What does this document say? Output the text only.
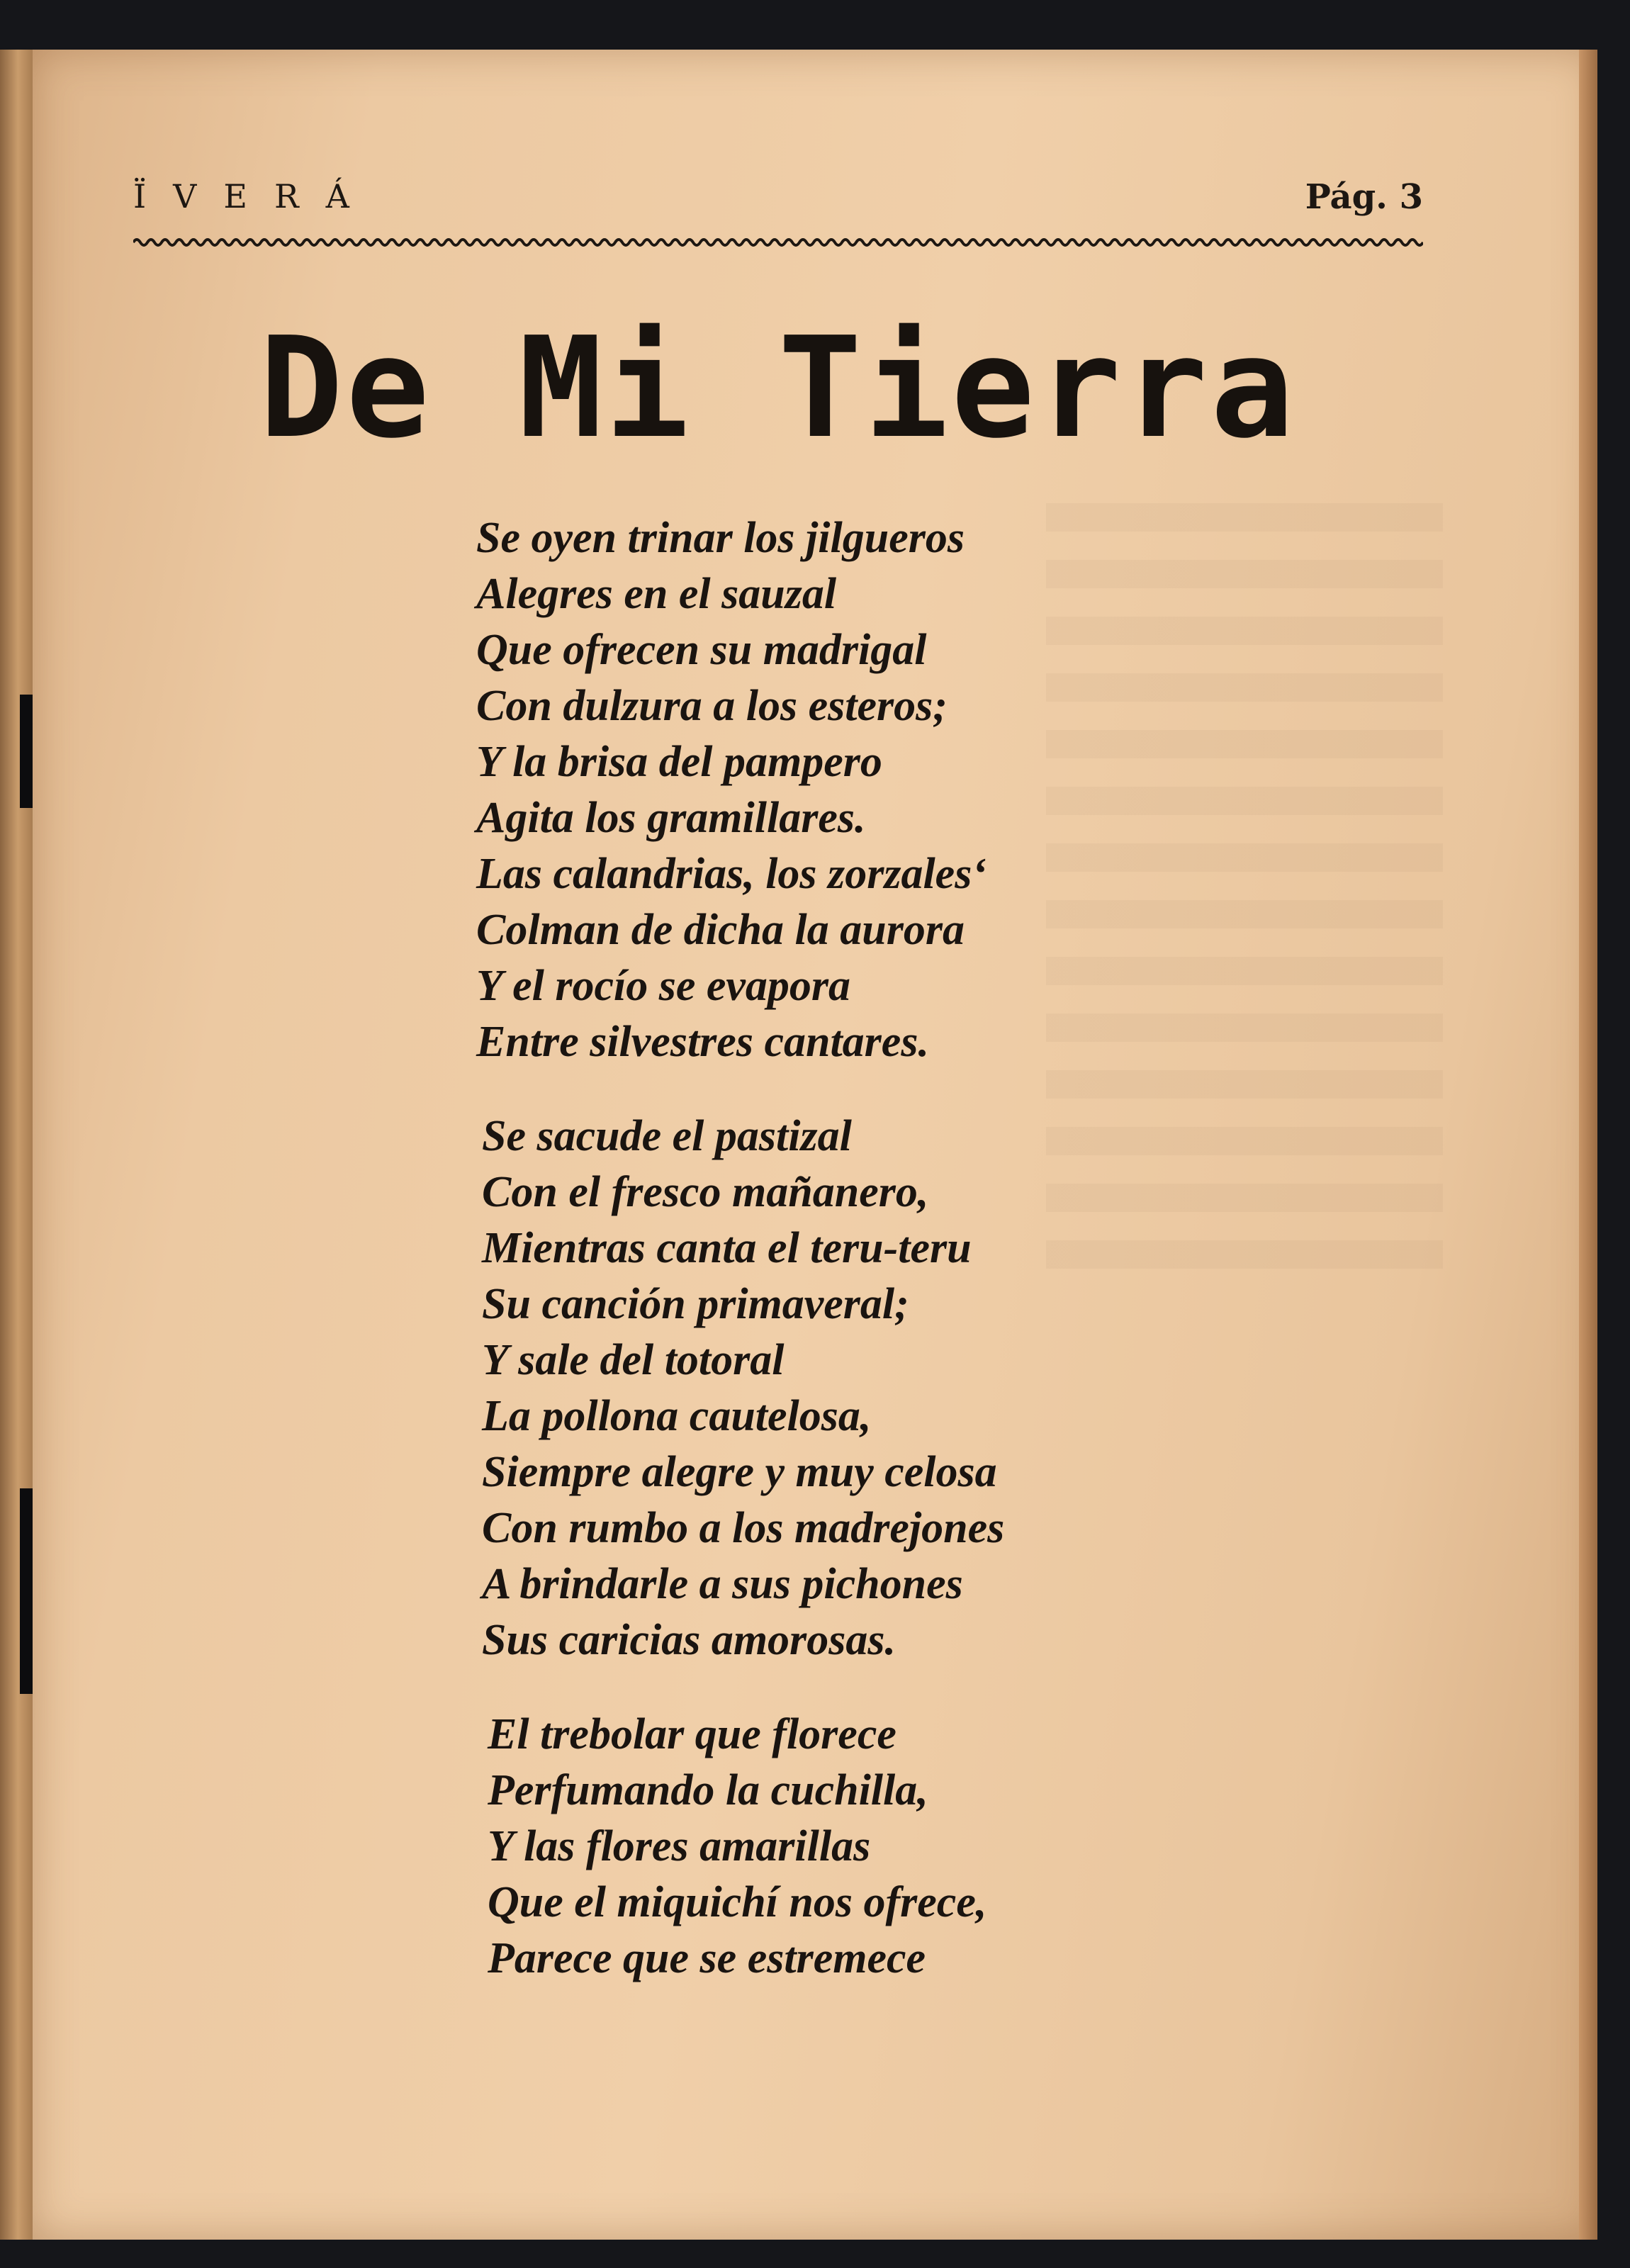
ÏVERÁ	Pág. 3
De Mi Tierra
Se oyen trinar los jilgueros
Alegres en el sauzal
Que ofrecen su madrigal
Con dulzura a los esteros;
Y la brisa del pampero
Agita los gramillares.
Las calandrias, los zorzales‘
Colman de dicha la aurora
Y el rocío se evapora
Entre silvestres cantares.
Se sacude el pastizal
Con el fresco mañanero,
Mientras canta el teru-teru
Su canción primaveral;
Y sale del totoral
La pollona cautelosa,
Siempre alegre y muy celosa
Con rumbo a los madrejones
A brindarle a sus pichones
Sus caricias amorosas.
El trebolar que florece
Perfumando la cuchilla,
Y las flores amarillas
Que el miquichí nos ofrece,
Parece que se estremece
